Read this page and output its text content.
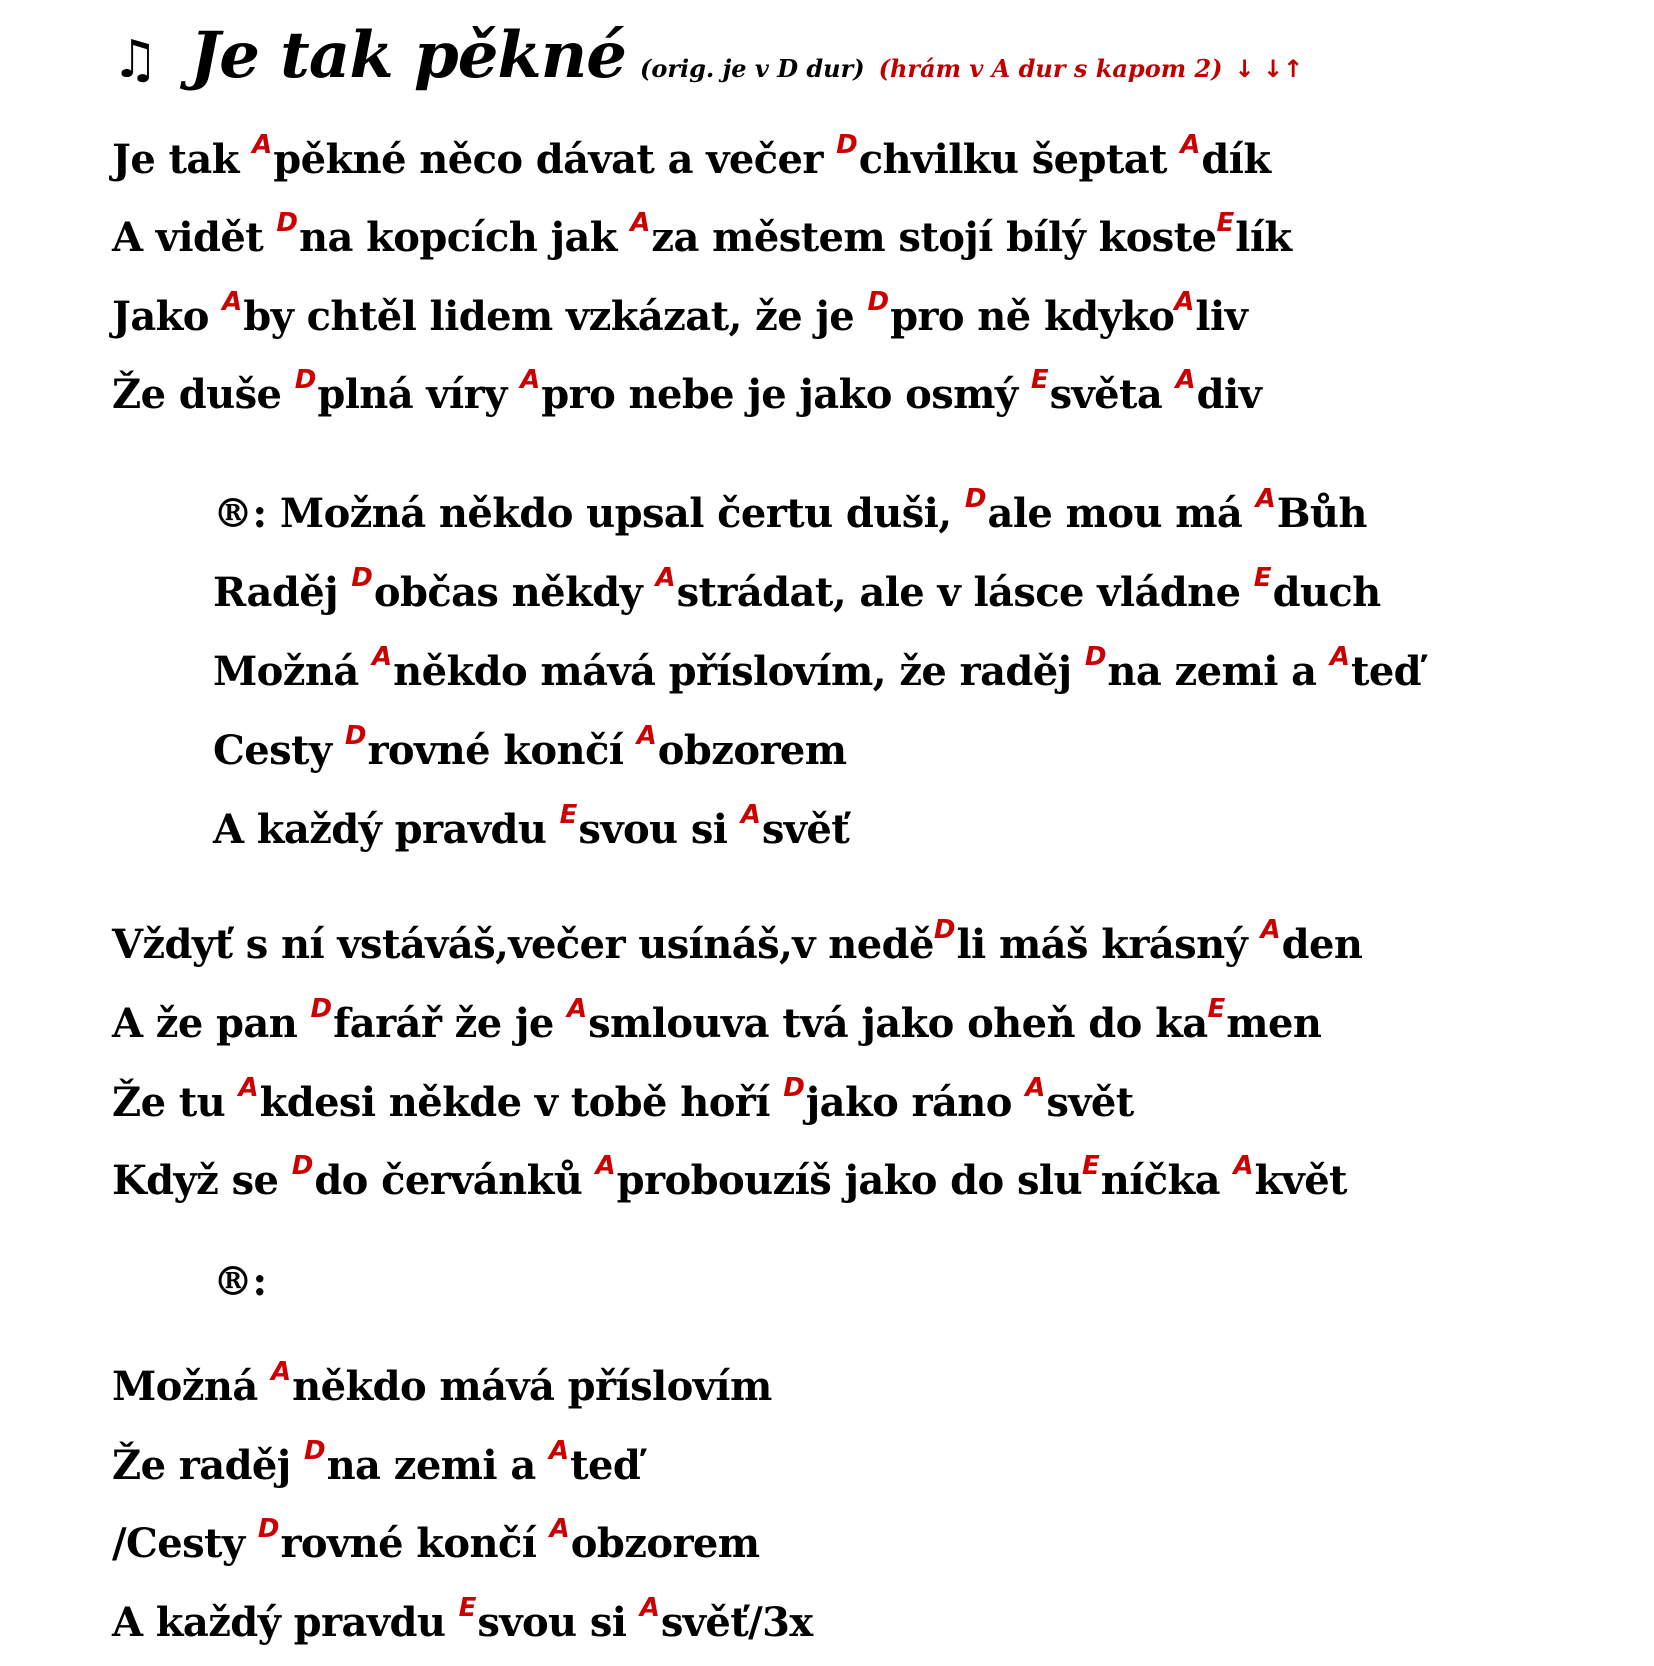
♫ Je tak pěkné (orig. je v D dur) (hrám v A dur s kapom 2) ↓ ↓↑
Je tak $^A$pěkné něco dávat a večer $^D$chvilku šeptat $^A$dík
A vidět $^D$na kopcích jak $^A$za městem stojí bílý koste$^E$lík
Jako $^A$by chtěl lidem vzkázat, že je $^D$pro ně kdyko$^A$liv
Že duše $^D$plná víry $^A$pro nebe je jako osmý $^E$světa $^A$div
®: Možná někdo upsal čertu duši, $^D$ale mou má $^A$Bůh
Raděj $^D$občas někdy $^A$strádat, ale v lásce vládne $^E$duch
Možná $^A$někdo mává příslovím, že raděj $^D$na zemi a $^A$teď
Cesty $^D$rovné končí $^A$obzorem
A každý pravdu $^E$svou si $^A$svěť
Vždyť s ní vstáváš,večer usínáš,v nedě$^D$li máš krásný $^A$den
A že pan $^D$farář že je $^A$smlouva tvá jako oheň do $ka^Emen$
Že tu $^A$kdesi někde v tobě hoří $^D$jako ráno $^A$svět
Když se $^D$do červánků $^A$probouzíš jako do slu$^E$níčka $^A$květ
®:
Možná $^A$někdo mává příslovím
Že raděj $^D$na zemi a $^A$teď
/Cesty $^D$rovné končí $^A$obzorem
A každý pravdu $^E$svou si $^A$svěť/3x
